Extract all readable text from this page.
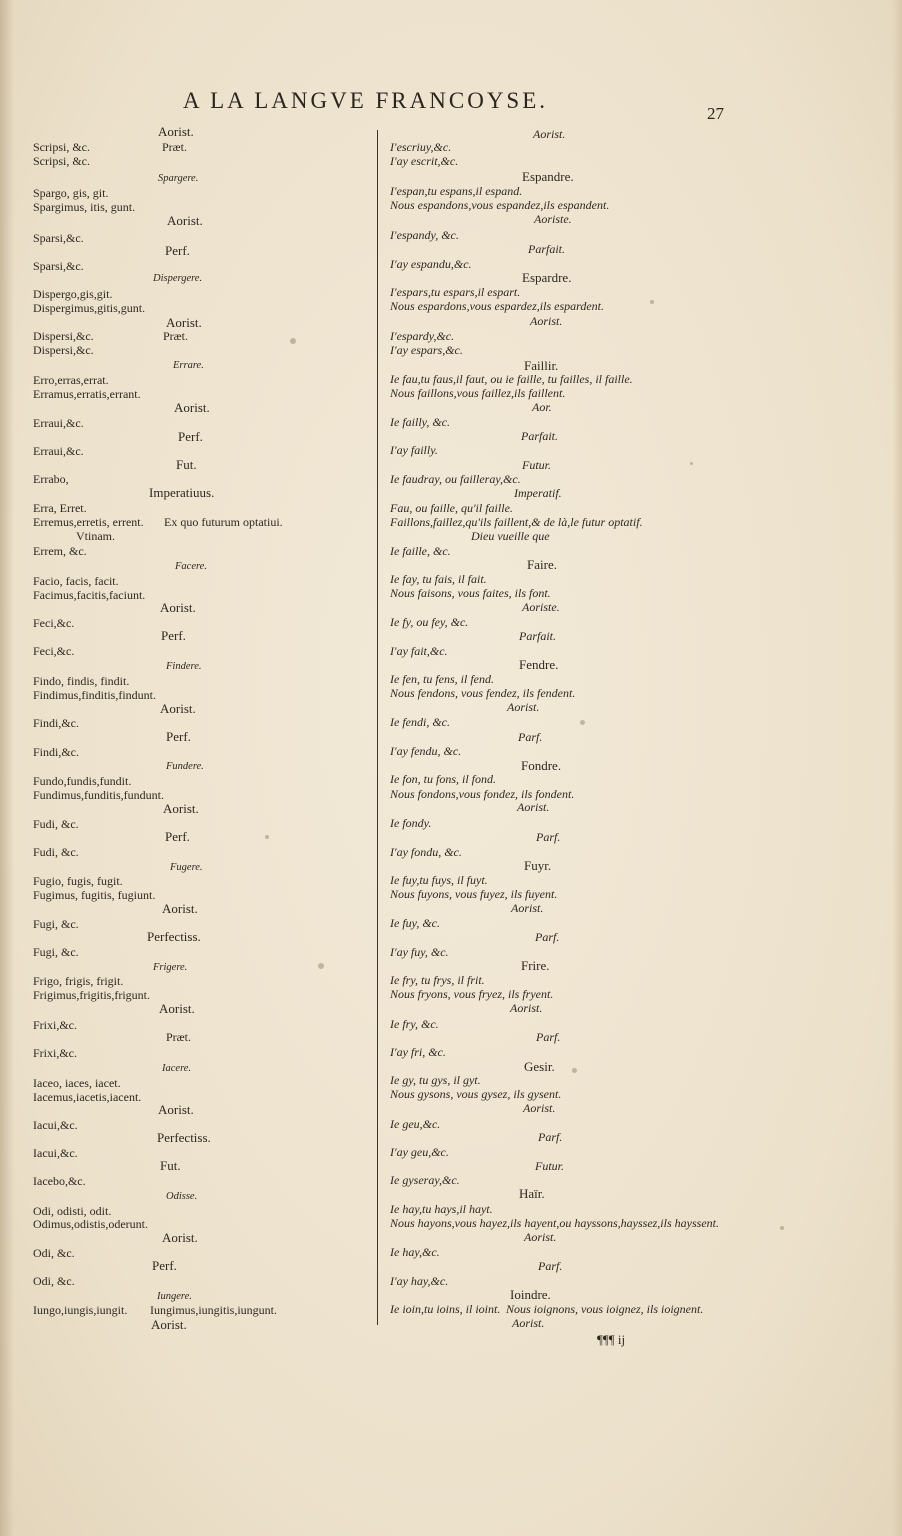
A LA LANGVE FRANCOYSE.
27
Aorist.
Scripsi, &c.	Præt.
Scripsi, &c.
Spargere.
Spargo, gis, git.
Spargimus, itis, gunt.
Aorist.
Sparsi,&c.
Perf.
Sparsi,&c.
Dispergere.
Dispergo,gis,git.
Dispergimus,gitis,gunt.
Aorist.
Dispersi,&c.	Præt.
Dispersi,&c.
Errare.
Erro,erras,errat.
Erramus,erratis,errant.
Aorist.
Erraui,&c.
Perf.
Erraui,&c.
Fut.
Errabo,
Imperatiuus.
Erra, Erret.
Erremus,erretis, errent. Ex quo futurum optatiui.
Vtinam.
Errem, &c.
Facere.
Facio, facis, facit.
Facimus,facitis,faciunt.
Aorist.
Feci,&c.
Perf.
Feci,&c.
Findere.
Findo, findis, findit.
Findimus,finditis,findunt.
Aorist.
Findi,&c.
Perf.
Findi,&c.
Fundere.
Fundo,fundis,fundit.
Fundimus,funditis,fundunt.
Aorist.
Fudi, &c.
Perf.
Fudi, &c.
Fugere.
Fugio, fugis, fugit.
Fugimus, fugitis, fugiunt.
Aorist.
Fugi, &c.
Perfectiss.
Fugi, &c.
Frigere.
Frigo, frigis, frigit.
Frigimus,frigitis,frigunt.
Aorist.
Frixi,&c.
Præt.
Frixi,&c.
Iacere.
Iaceo, iaces, iacet.
Iacemus,iacetis,iacent.
Aorist.
Iacui,&c.
Perfectiss.
Iacui,&c.
Fut.
Iacebo,&c.
Odisse.
Odi, odisti, odit.
Odimus,odistis,oderunt.
Aorist.
Odi, &c.
Perf.
Odi, &c.
Iungere.
Iungo,iungis,iungit. Iungimus,iungitis,iungunt.
Aorist.
Aorist.
I'escriuy,&c.
I'ay escrit,&c.
Espandre.
I'espan,tu espans,il espand.
Nous espandons,vous espandez,ils espandent.
Aoriste.
I'espandy, &c.
Parfait.
I'ay espandu,&c.
Espardre.
I'espars,tu espars,il espart.
Nous espardons,vous espardez,ils espardent.
Aorist.
I'espardy,&c.
I'ay espars,&c.
Faillir.
Ie fau,tu faus,il faut, ou ie faille, tu failles, il faille.
Nous faillons,vous faillez,ils faillent.
Aor.
Ie failly, &c.
Parfait.
I'ay failly.
Futur.
Ie faudray, ou failleray,&c.
Imperatif.
Fau, ou faille, qu'il faille.
Faillons,faillez,qu'ils faillent,& de là,le futur optatif.
Dieu vueille que
Ie faille, &c.
Faire.
Ie fay, tu fais, il fait.
Nous faisons, vous faites, ils font.
Aoriste.
Ie fy, ou fey, &c.
Parfait.
I'ay fait,&c.
Fendre.
Ie fen, tu fens, il fend.
Nous fendons, vous fendez, ils fendent.
Aorist.
Ie fendi, &c.
Parf.
I'ay fendu, &c.
Fondre.
Ie fon, tu fons, il fond.
Nous fondons,vous fondez, ils fondent.
Aorist.
Ie fondy.
Parf.
I'ay fondu, &c.
Fuyr.
Ie fuy,tu fuys, il fuyt.
Nous fuyons, vous fuyez, ils fuyent.
Aorist.
Ie fuy, &c.
Parf.
I'ay fuy, &c.
Frire.
Ie fry, tu frys, il frit.
Nous fryons, vous fryez, ils fryent.
Aorist.
Ie fry, &c.
Parf.
I'ay fri, &c.
Gesir.
Ie gy, tu gys, il gyt.
Nous gysons, vous gysez, ils gysent.
Aorist.
Ie geu,&c.
Parf.
I'ay geu,&c.
Futur.
Ie gyseray,&c.
Haïr.
Ie hay,tu hays,il hayt.
Nous hayons,vous hayez,ils hayent,ou hayssons,hayssez,ils hayssent.
Aorist.
Ie hay,&c.
Parf.
I'ay hay,&c.
Ioindre.
Ie ioin,tu ioins, il ioint. Nous ioignons, vous ioignez, ils ioignent.
Aorist.
¶¶¶ ij
